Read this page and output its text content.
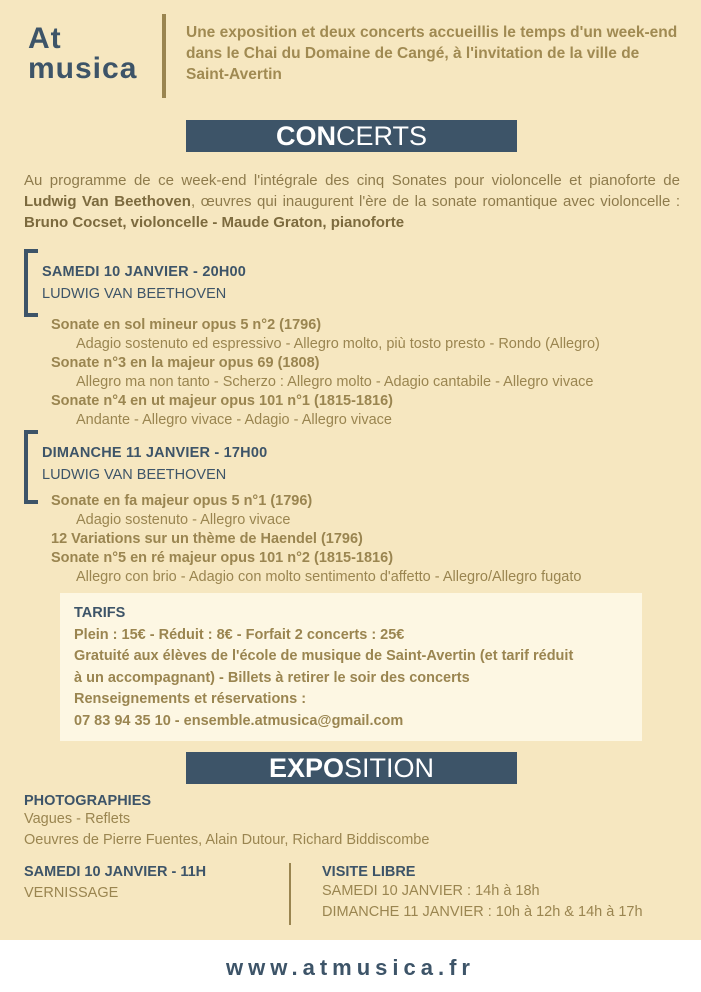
At
musica
Une exposition et deux concerts accueillis le temps d'un week-end dans le Chai du Domaine de Cangé, à l'invitation de la ville de Saint-Avertin
CONCERTS
Au programme de ce week-end l'intégrale des cinq Sonates pour violoncelle et pianoforte de Ludwig Van Beethoven, œuvres qui inaugurent l'ère de la sonate romantique avec violoncelle : Bruno Cocset, violoncelle - Maude Graton, pianoforte
SAMEDI 10 JANVIER - 20H00
LUDWIG VAN BEETHOVEN
Sonate en sol mineur opus 5 n°2 (1796)
Adagio sostenuto ed espressivo - Allegro molto, più tosto presto - Rondo (Allegro)
Sonate n°3 en la majeur opus 69 (1808)
Allegro ma non tanto - Scherzo : Allegro molto - Adagio cantabile - Allegro vivace
Sonate n°4 en ut majeur opus 101 n°1 (1815-1816)
Andante - Allegro vivace - Adagio - Allegro vivace
DIMANCHE 11 JANVIER - 17H00
LUDWIG VAN BEETHOVEN
Sonate en fa majeur opus 5 n°1 (1796)
Adagio sostenuto - Allegro vivace
12 Variations sur un thème de Haendel (1796)
Sonate n°5 en ré majeur opus 101 n°2 (1815-1816)
Allegro con brio - Adagio con molto sentimento d'affetto - Allegro/Allegro fugato
TARIFS
Plein : 15€ - Réduit : 8€ - Forfait 2 concerts : 25€
Gratuité aux élèves de l'école de musique de Saint-Avertin (et tarif réduit
à un accompagnant) - Billets à retirer le soir des concerts
Renseignements et réservations :
07 83 94 35 10 - ensemble.atmusica@gmail.com
EXPOSITION
PHOTOGRAPHIES
Vagues - Reflets
Oeuvres de Pierre Fuentes, Alain Dutour, Richard Biddiscombe
SAMEDI 10 JANVIER - 11H
VERNISSAGE
VISITE LIBRE
SAMEDI 10 JANVIER : 14h à 18h
DIMANCHE 11 JANVIER : 10h à 12h & 14h à 17h
www.atmusica.fr
